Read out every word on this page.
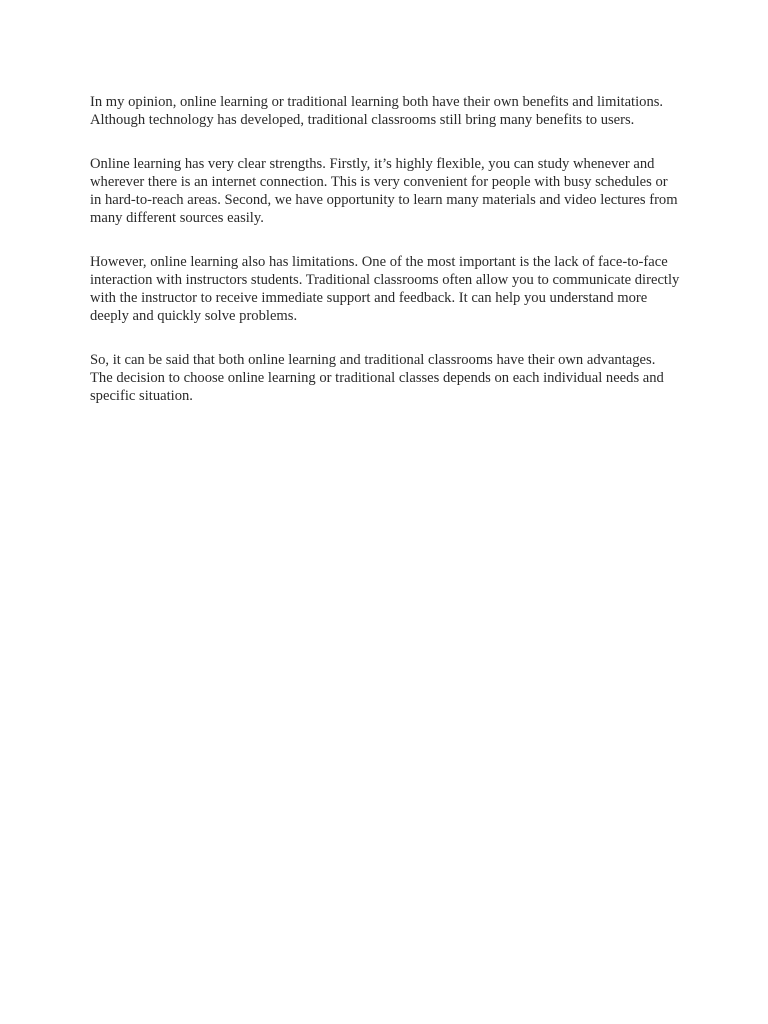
In my opinion, online learning or traditional learning both have their own benefits and limitations. Although technology has developed, traditional classrooms still bring many benefits to users.

Online learning has very clear strengths. Firstly, it’s highly flexible, you can study whenever and wherever there is an internet connection. This is very convenient for people with busy schedules or in hard-to-reach areas. Second, we have opportunity to learn many materials and video lectures from many different sources easily.

However, online learning also has limitations. One of the most important is the lack of face-to-face interaction with instructors students. Traditional classrooms often allow you to communicate directly with the instructor to receive immediate support and feedback. It can help you understand more deeply and quickly solve problems.

So, it can be said that both online learning and traditional classrooms have their own advantages. The decision to choose online learning or traditional classes depends on each individual needs and specific situation.
